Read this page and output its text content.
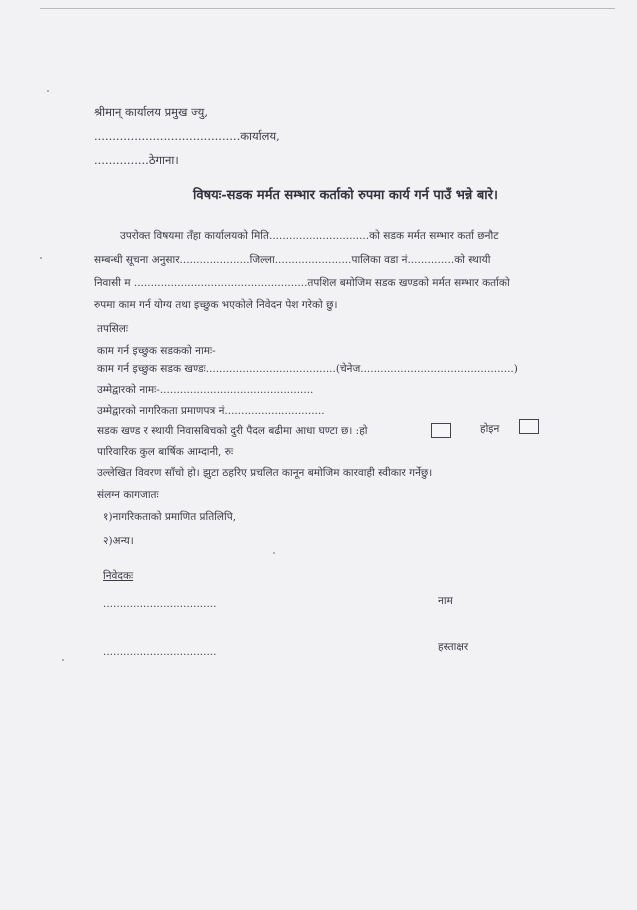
श्रीमान् कार्यालय प्रमुख ज्यु,
........................................कार्यालय,
...............ठेगाना।
विषयः-सडक मर्मत सम्भार कर्ताको रुपमा कार्य गर्न पाउँ भन्ने बारे।
उपरोक्त विषयमा तँहा कार्यालयको मिति..............................को सडक मर्मत सम्भार कर्ता छनौट
सम्बन्धी सूचना अनुसार.....................जिल्ला.......................पालिका वडा नं..............को स्थायी
निवासी म ....................................................तपशिल बमोजिम सडक खण्डको मर्मत सम्भार कर्ताको
रुपमा काम गर्न योग्य तथा इच्छुक भएकोले निवेदन पेश गरेको छु।
तपसिलः
काम गर्न इच्छुक सडकको नामः-
काम गर्न इच्छुक सडक खण्डः.......................................(चेनेज..............................................)
उम्मेद्वारको नामः-..............................................
उम्मेद्वारको नागरिकता प्रमाणपत्र नं..............................
सडक खण्ड र स्थायी निवासबिचको दुरी पैदल बढीमा आधा घण्टा छ। :हो	होइन
पारिवारिक कुल बार्षिक आम्दानी, रुः
उल्लेखित विवरण साँचो हो। झुटा ठहरिए प्रचलित कानून बमोजिम कारवाही स्वीकार गर्नेछु।
संलग्न कागजातः
१)नागरिकताको प्रमाणित प्रतिलिपि,
२)अन्य।
निवेदकः
..................................	नाम
..................................	हस्ताक्षर
